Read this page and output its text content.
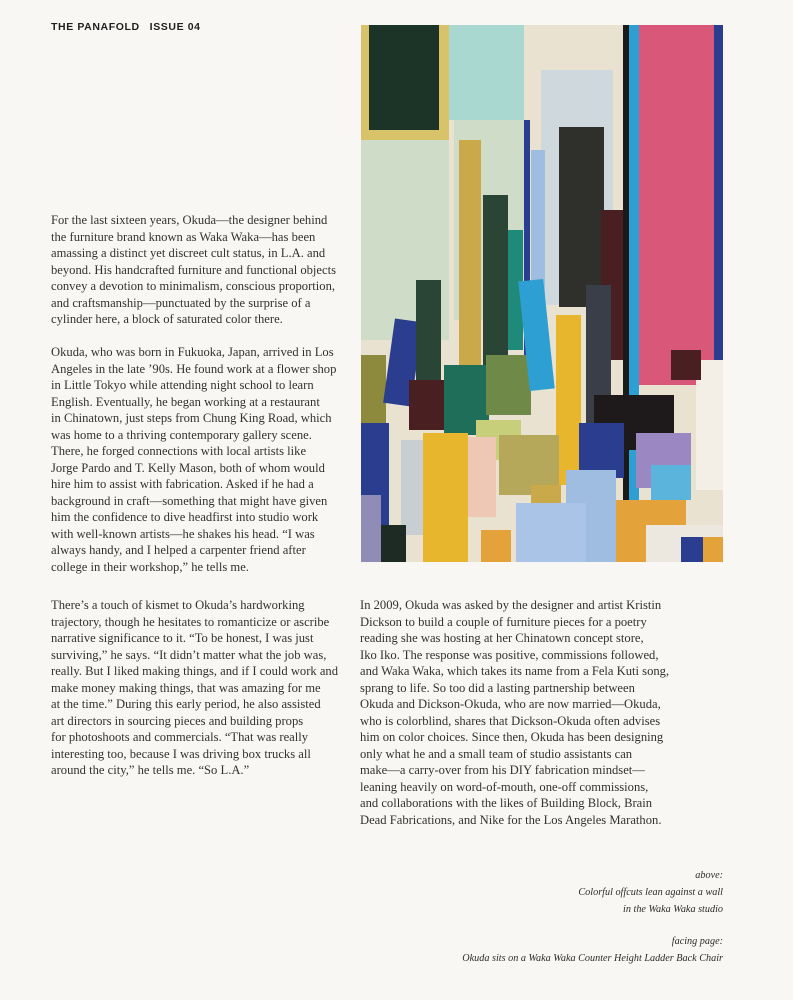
THE PANAFOLD ISSUE 04

For the last sixteen years, Okuda—the designer behind
the furniture brand known as Waka Waka—has been
amassing a distinct yet discreet cult status, in L.A. and
beyond. His handcrafted furniture and functional objects
convey a devotion to minimalism, conscious proportion,
and craftsmanship—punctuated by the surprise of a
cylinder here, a block of saturated color there.

Okuda, who was born in Fukuoka, Japan, arrived in Los
Angeles in the late ’90s. He found work at a flower shop
in Little Tokyo while attending night school to learn
English. Eventually, he began working at a restaurant
in Chinatown, just steps from Chung King Road, which
was home to a thriving contemporary gallery scene.
There, he forged connections with local artists like
Jorge Pardo and T. Kelly Mason, both of whom would
hire him to assist with fabrication. Asked if he had a
background in craft—something that might have given
him the confidence to dive headfirst into studio work
with well-known artists—he shakes his head. “I was
always handy, and I helped a carpenter friend after
college in their workshop,” he tells me.

There’s a touch of kismet to Okuda’s hardworking
trajectory, though he hesitates to romanticize or ascribe
narrative significance to it. “To be honest, I was just
surviving,” he says. “It didn’t matter what the job was,
really. But I liked making things, and if I could work and
make money making things, that was amazing for me
at the time.” During this early period, he also assisted
art directors in sourcing pieces and building props
for photoshoots and commercials. “That was really
interesting too, because I was driving box trucks all
around the city,” he tells me. “So L.A.”

In 2009, Okuda was asked by the designer and artist Kristin
Dickson to build a couple of furniture pieces for a poetry
reading she was hosting at her Chinatown concept store,
Iko Iko. The response was positive, commissions followed,
and Waka Waka, which takes its name from a Fela Kuti song,
sprang to life. So too did a lasting partnership between
Okuda and Dickson-Okuda, who are now married—Okuda,
who is colorblind, shares that Dickson-Okuda often advises
him on color choices. Since then, Okuda has been designing
only what he and a small team of studio assistants can
make—a carry-over from his DIY fabrication mindset—
leaning heavily on word-of-mouth, one-off commissions,
and collaborations with the likes of Building Block, Brain
Dead Fabrications, and Nike for the Los Angeles Marathon.

above:
Colorful offcuts lean against a wall
in the Waka Waka studio
facing page:
Okuda sits on a Waka Waka Counter Height Ladder Back Chair
